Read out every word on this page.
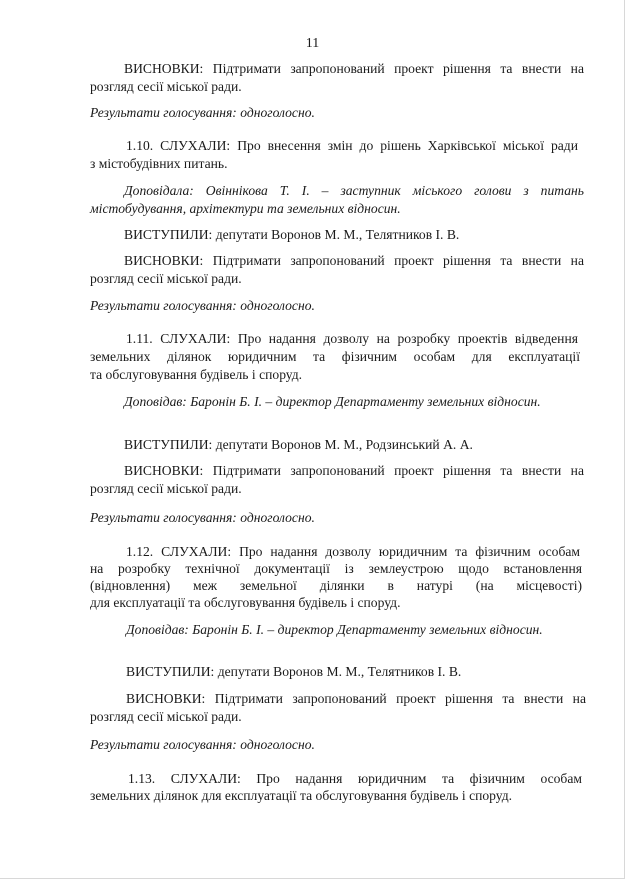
11
ВИСНОВКИ: Підтримати запропонований проект рішення та внести на
розгляд сесії міської ради.
Результати голосування: одноголосно.
1.10. СЛУХАЛИ: Про внесення змін до рішень Харківської міської ради
з містобудівних питань.
Доповідала: Овіннікова Т. І. – заступник міського голови з питань
містобудування, архітектури та земельних відносин.
ВИСТУПИЛИ: депутати Воронов М. М., Телятников І. В.
ВИСНОВКИ: Підтримати запропонований проект рішення та внести на
розгляд сесії міської ради.
Результати голосування: одноголосно.
1.11. СЛУХАЛИ: Про надання дозволу на розробку проектів відведення
земельних ділянок юридичним та фізичним особам для експлуатації
та обслуговування будівель і споруд.
Доповідав: Баронін Б. І. – директор Департаменту земельних відносин.
ВИСТУПИЛИ: депутати Воронов М. М., Родзинський А. А.
ВИСНОВКИ: Підтримати запропонований проект рішення та внести на
розгляд сесії міської ради.
Результати голосування: одноголосно.
1.12. СЛУХАЛИ: Про надання дозволу юридичним та фізичним особам
на розробку технічної документації із землеустрою щодо встановлення
(відновлення) меж земельної ділянки в натурі (на місцевості)
для експлуатації та обслуговування будівель і споруд.
Доповідав: Баронін Б. І. – директор Департаменту земельних відносин.
ВИСТУПИЛИ: депутати Воронов М. М., Телятников І. В.
ВИСНОВКИ: Підтримати запропонований проект рішення та внести на
розгляд сесії міської ради.
Результати голосування: одноголосно.
1.13. СЛУХАЛИ: Про надання юридичним та фізичним особам
земельних ділянок для експлуатації та обслуговування будівель і споруд.
